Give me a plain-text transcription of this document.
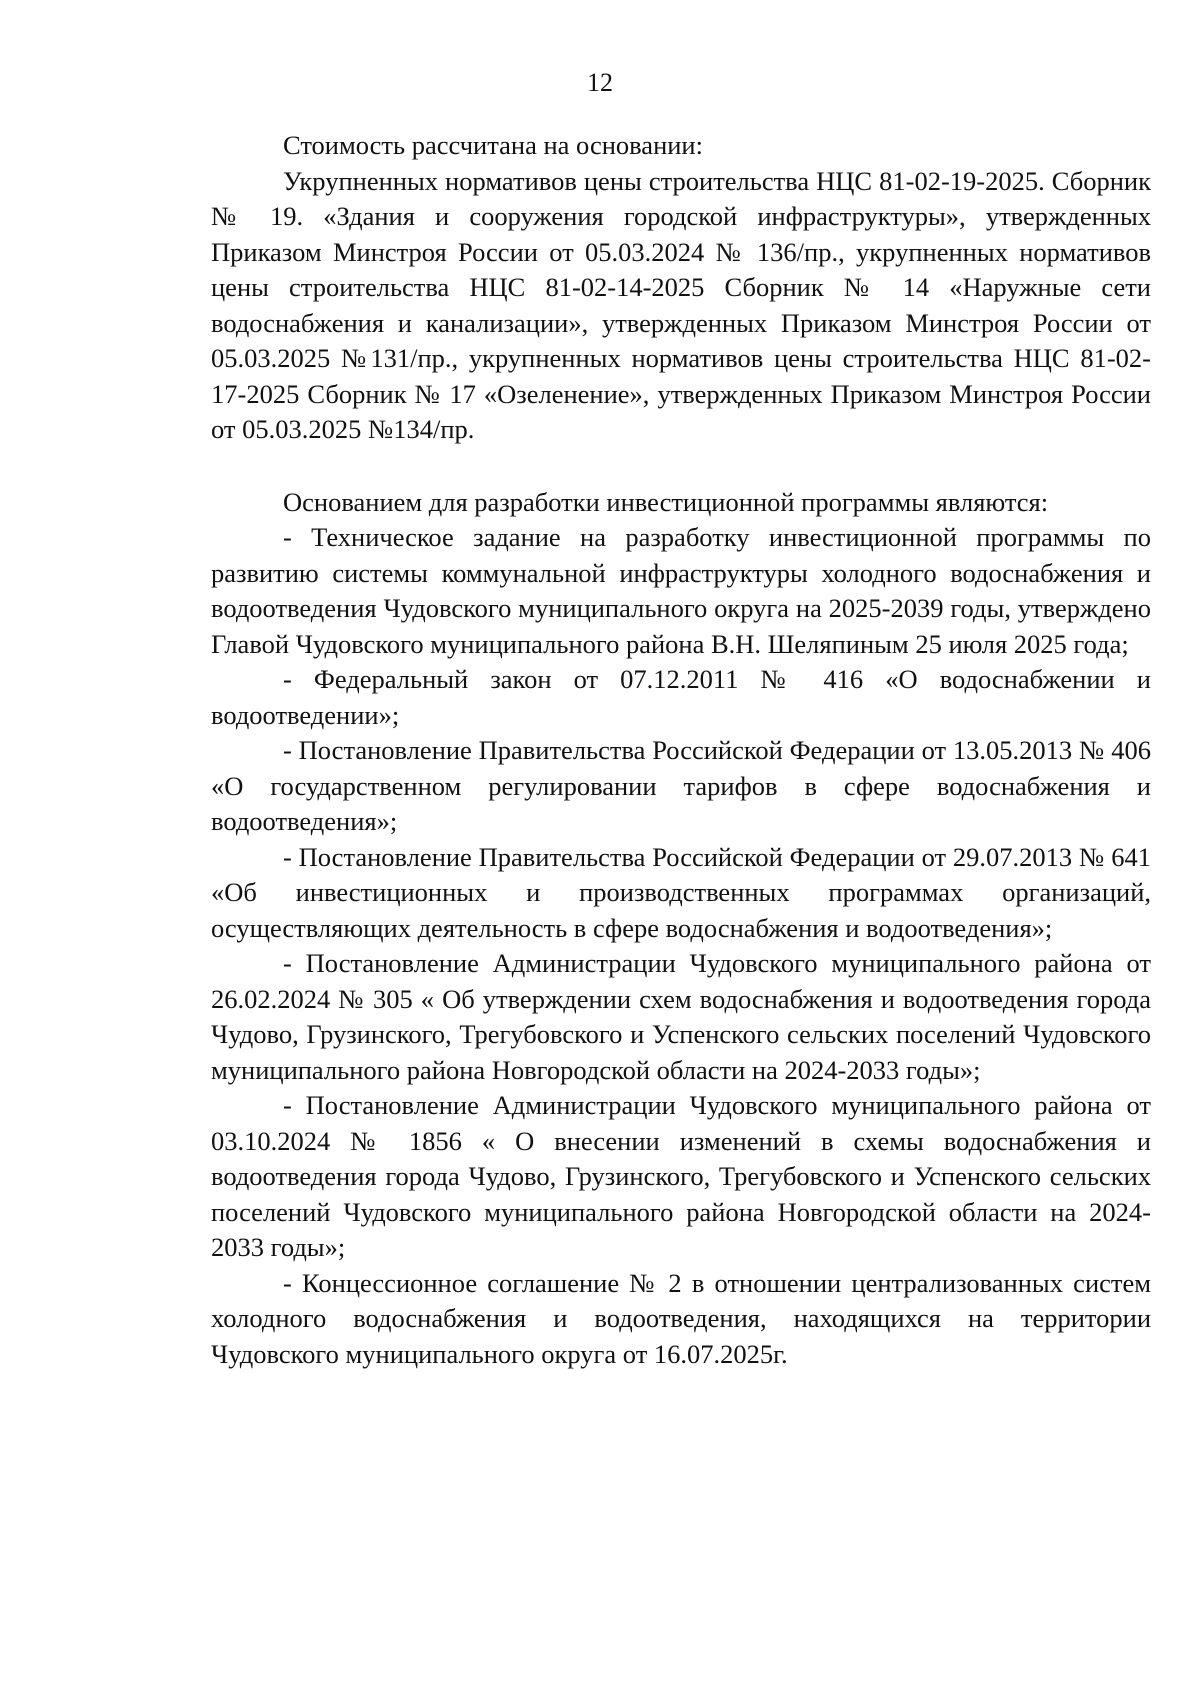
12

Стоимость рассчитана на основании:

Укрупненных нормативов цены строительства НЦС 81-02-19-2025. Сборник № 19. «Здания и сооружения городской инфраструктуры», утвержденных Приказом Минстроя России от 05.03.2024 № 136/пр., укрупненных нормативов цены строительства НЦС 81-02-14-2025 Сборник № 14 «Наружные сети водоснабжения и канализации», утвержденных Приказом Минстроя России от 05.03.2025 №131/пр., укрупненных нормативов цены строительства НЦС 81-02-17-2025 Сборник № 17 «Озеленение», утвержденных Приказом Минстроя России от 05.03.2025 №134/пр.

Основанием для разработки инвестиционной программы являются:

- Техническое задание на разработку инвестиционной программы по развитию системы коммунальной инфраструктуры холодного водоснабжения и водоотведения Чудовского муниципального округа на 2025-2039 годы, утверждено Главой Чудовского муниципального района В.Н. Шеляпиным 25 июля 2025 года;

- Федеральный закон от 07.12.2011 № 416 «О водоснабжении и водоотведении»;

- Постановление Правительства Российской Федерации от 13.05.2013 № 406 «О государственном регулировании тарифов в сфере водоснабжения и водоотведения»;

- Постановление Правительства Российской Федерации от 29.07.2013 № 641 «Об инвестиционных и производственных программах организаций, осуществляющих деятельность в сфере водоснабжения и водоотведения»;

- Постановление Администрации Чудовского муниципального района от 26.02.2024 № 305 « Об утверждении схем водоснабжения и водоотведения города Чудово, Грузинского, Трегубовского и Успенского сельских поселений Чудовского муниципального района Новгородской области на 2024-2033 годы»;

- Постановление Администрации Чудовского муниципального района от 03.10.2024 № 1856 « О внесении изменений в схемы водоснабжения и водоотведения города Чудово, Грузинского, Трегубовского и Успенского сельских поселений Чудовского муниципального района Новгородской области на 2024-2033 годы»;

- Концессионное соглашение № 2 в отношении централизованных систем холодного водоснабжения и водоотведения, находящихся на территории Чудовского муниципального округа от 16.07.2025г.
